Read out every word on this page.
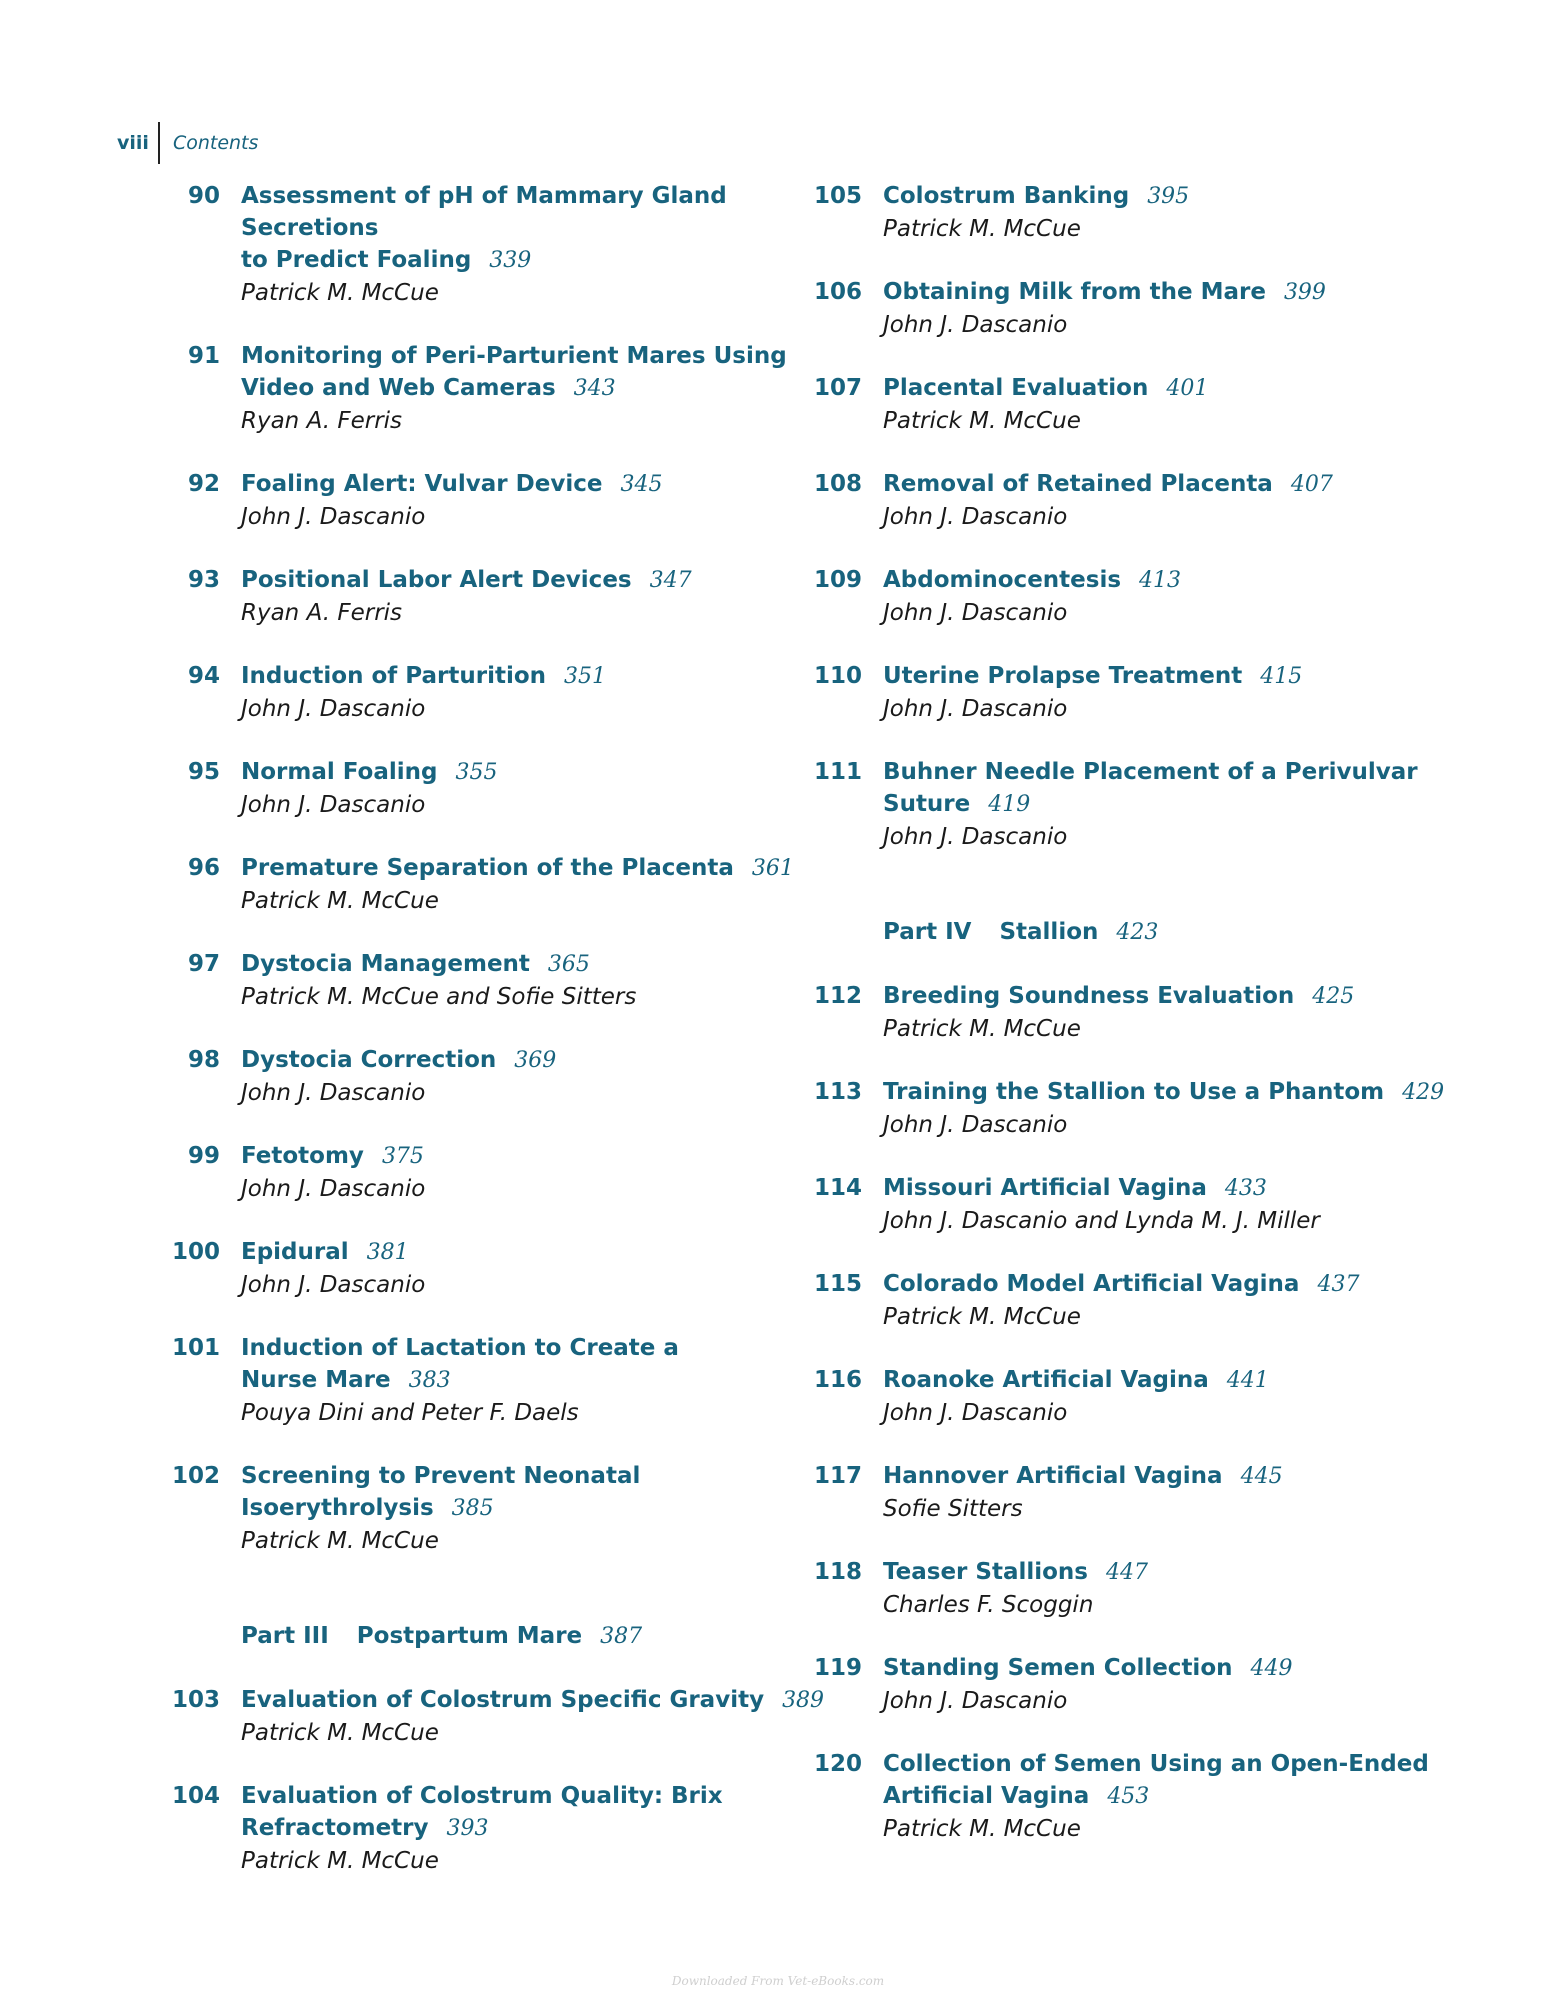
viii	Contents
90 Assessment of pH of Mammary Gland Secretions
to Predict Foaling 339
Patrick M. McCue
91 Monitoring of Peri-Parturient Mares Using
Video and Web Cameras 343
Ryan A. Ferris
92 Foaling Alert: Vulvar Device 345
John J. Dascanio
93 Positional Labor Alert Devices 347
Ryan A. Ferris
94 Induction of Parturition 351
John J. Dascanio
95 Normal Foaling 355
John J. Dascanio
96 Premature Separation of the Placenta 361
Patrick M. McCue
97 Dystocia Management 365
Patrick M. McCue and Sofie Sitters
98 Dystocia Correction 369
John J. Dascanio
99 Fetotomy 375
John J. Dascanio
100 Epidural 381
John J. Dascanio
101 Induction of Lactation to Create a
Nurse Mare 383
Pouya Dini and Peter F. Daels
102 Screening to Prevent Neonatal
Isoerythrolysis 385
Patrick M. McCue
Part III Postpartum Mare 387
103 Evaluation of Colostrum Specific Gravity 389
Patrick M. McCue
104 Evaluation of Colostrum Quality: Brix
Refractometry 393
Patrick M. McCue
105 Colostrum Banking 395
Patrick M. McCue
106 Obtaining Milk from the Mare 399
John J. Dascanio
107 Placental Evaluation 401
Patrick M. McCue
108 Removal of Retained Placenta 407
John J. Dascanio
109 Abdominocentesis 413
John J. Dascanio
110 Uterine Prolapse Treatment 415
John J. Dascanio
111 Buhner Needle Placement of a Perivulvar
Suture 419
John J. Dascanio
Part IV Stallion 423
112 Breeding Soundness Evaluation 425
Patrick M. McCue
113 Training the Stallion to Use a Phantom 429
John J. Dascanio
114 Missouri Artificial Vagina 433
John J. Dascanio and Lynda M. J. Miller
115 Colorado Model Artificial Vagina 437
Patrick M. McCue
116 Roanoke Artificial Vagina 441
John J. Dascanio
117 Hannover Artificial Vagina 445
Sofie Sitters
118 Teaser Stallions 447
Charles F. Scoggin
119 Standing Semen Collection 449
John J. Dascanio
120 Collection of Semen Using an Open-Ended
Artificial Vagina 453
Patrick M. McCue
Downloaded From Vet-eBooks.com
